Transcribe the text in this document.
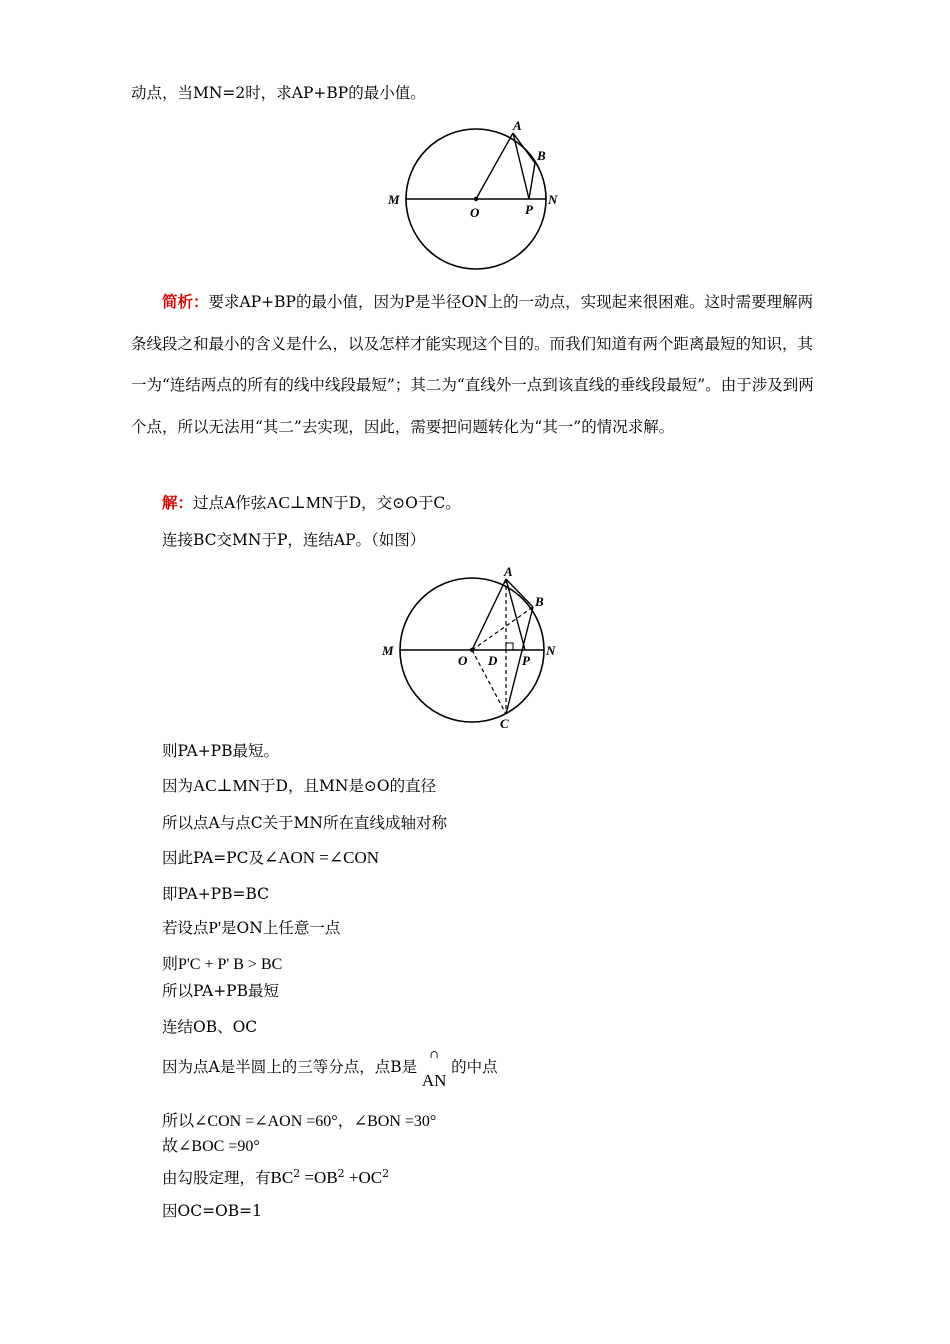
动点，当MN=2时，求AP+BP的最小值。
A
B
M	N
O	P
简析：要求AP+BP的最小值，因为P是半径ON上的一动点，实现起来很困难。这时需要理解两条线段之和最小的含义是什么，以及怎样才能实现这个目的。而我们知道有两个距离最短的知识，其一为“连结两点的所有的线中线段最短”；其二为“直线外一点到该直线的垂线段最短”。由于涉及到两个点，所以无法用“其二”去实现，因此，需要把问题转化为“其一”的情况求解。
解：过点A作弦AC⊥MN于D，交⊙O于C。
连接BC交MN于P，连结AP。（如图）
A
B
C
D
M	N
O	P
则PA+PB最短。
因为AC⊥MN于D，且MN是⊙O的直径
所以点A与点C关于MN所在直线成轴对称
因此PA=PC及∠AON =∠CON
即PA+PB=BC
若设点P'是ON上任意一点
则P'C + P' B > BC
所以PA+PB最短
连结OB、OC
因为点A是半圆上的三等分点，点B是
∩
AN的中点
所以∠CON =∠AON =60°，∠BON =30°
故∠BOC =90°
由勾股定理，有$BC^2 =OB^2 +OC^2$
因OC=OB=1
